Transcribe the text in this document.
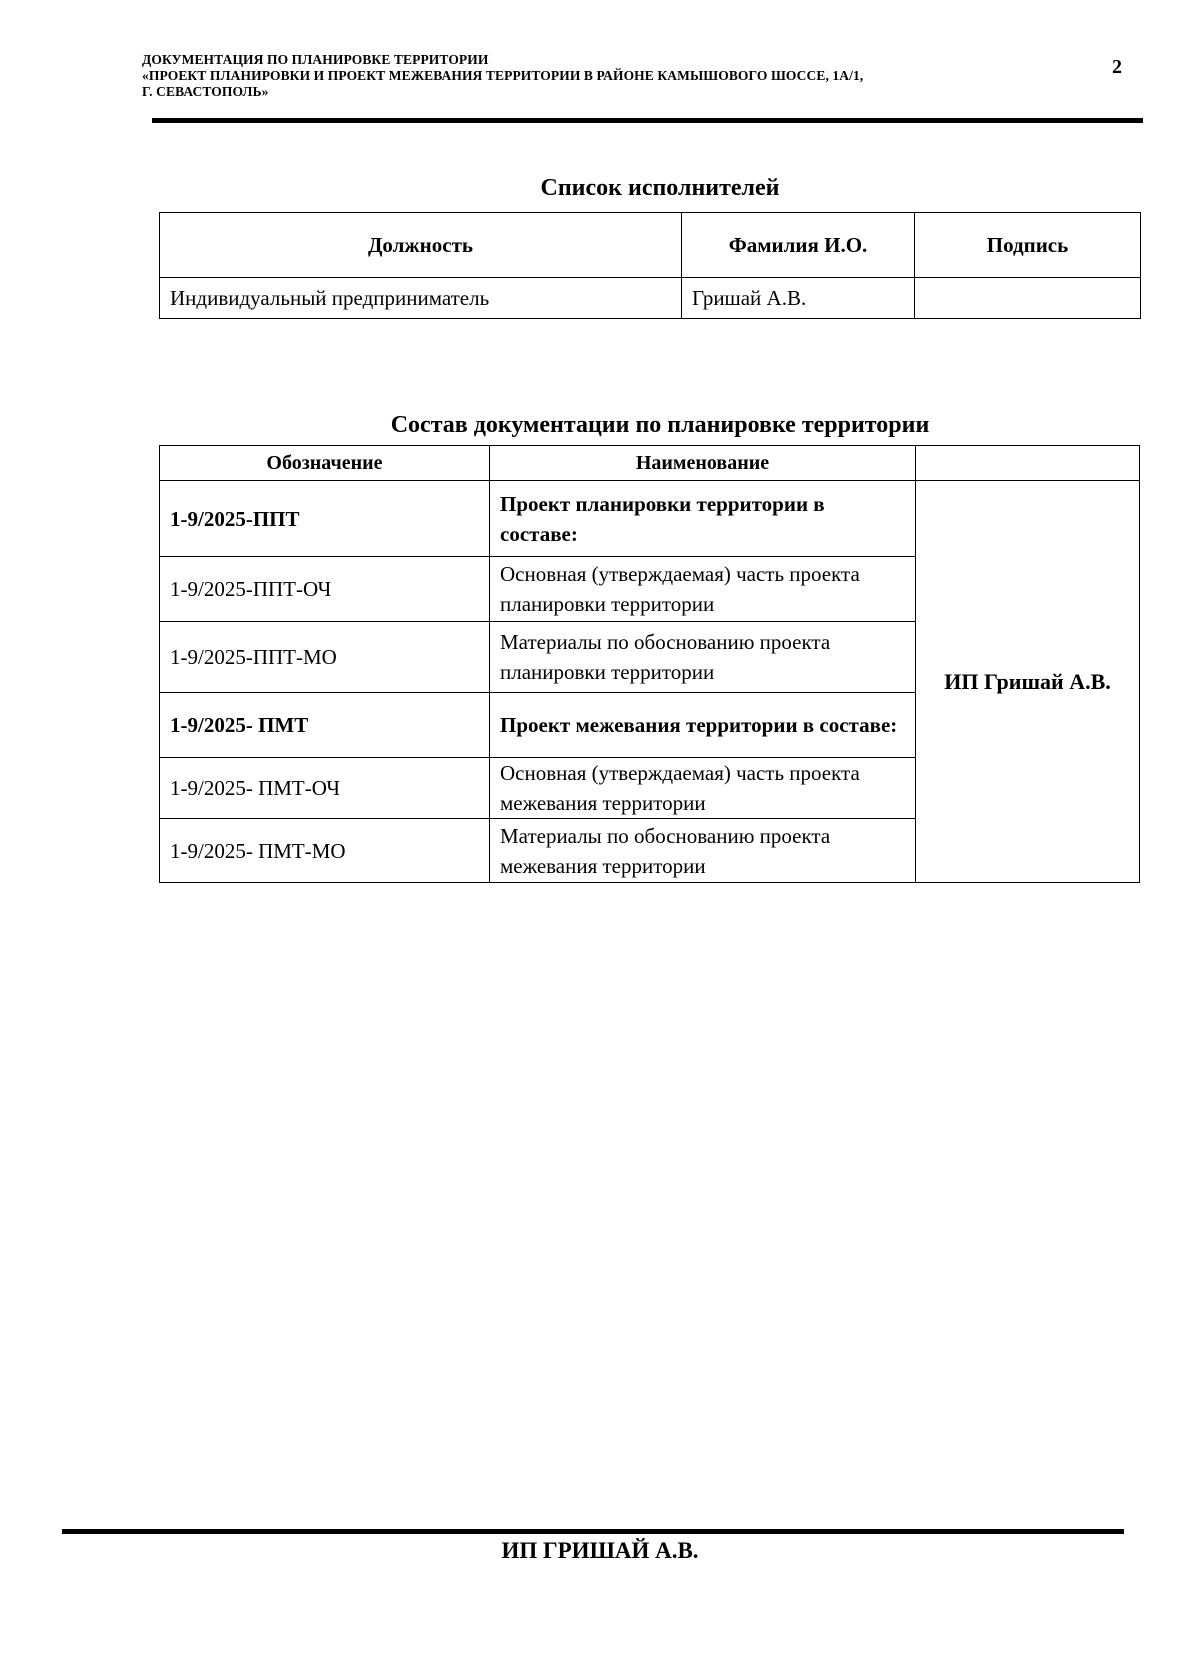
ДОКУМЕНТАЦИЯ ПО ПЛАНИРОВКЕ ТЕРРИТОРИИ
«ПРОЕКТ ПЛАНИРОВКИ И ПРОЕКТ МЕЖЕВАНИЯ ТЕРРИТОРИИ В РАЙОНЕ КАМЫШОВОГО ШОССЕ, 1А/1,
Г. СЕВАСТОПОЛЬ»
2
Список исполнителей
Должность	Фамилия И.О.	Подпись
Индивидуальный предприниматель	Гришай А.В.	
Состав документации по планировке территории
Обозначение	Наименование	
1-9/2025-ППТ	Проект планировки территории в составе:	ИП Гришай А.В.
1-9/2025-ППТ-ОЧ	Основная (утверждаемая) часть проекта планировки территории	
1-9/2025-ППТ-МО	Материалы по обоснованию проекта планировки территории	
1-9/2025- ПМТ	Проект межевания территории в составе:	
1-9/2025- ПМТ-ОЧ	Основная (утверждаемая) часть проекта межевания территории	
1-9/2025- ПМТ-МО	Материалы по обоснованию проекта межевания территории	
ИП ГРИШАЙ А.В.
